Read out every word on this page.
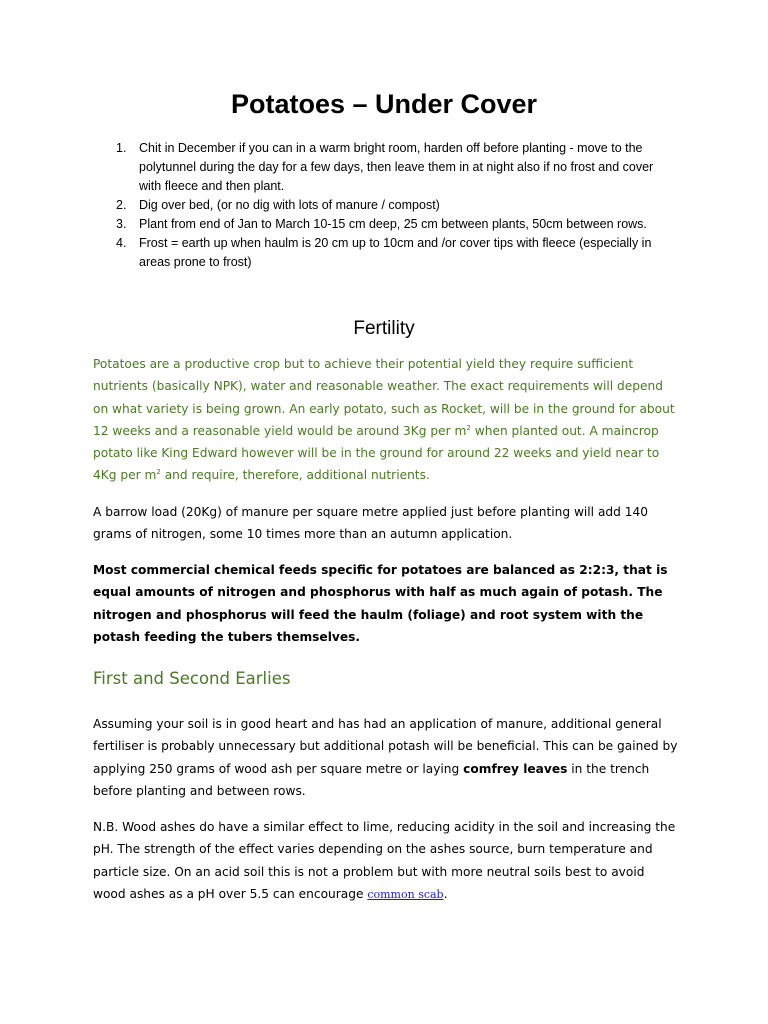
Potatoes – Under Cover
1. Chit in December if you can in a warm bright room, harden off before planting - move to the polytunnel during the day for a few days, then leave them in at night also if no frost and cover with fleece and then plant.
2. Dig over bed, (or no dig with lots of manure / compost)
3. Plant from end of Jan to March 10-15 cm deep, 25 cm between plants, 50cm between rows.
4. Frost = earth up when haulm is 20 cm up to 10cm and /or cover tips with fleece (especially in areas prone to frost)
Fertility

Potatoes are a productive crop but to achieve their potential yield they require sufficient nutrients (basically NPK), water and reasonable weather. The exact requirements will depend on what variety is being grown. An early potato, such as Rocket, will be in the ground for about 12 weeks and a reasonable yield would be around 3Kg per $m^2$ when planted out. A maincrop potato like King Edward however will be in the ground for around 22 weeks and yield near to 4Kg per $m^2$ and require, therefore, additional nutrients.

A barrow load (20Kg) of manure per square metre applied just before planting will add 140 grams of nitrogen, some 10 times more than an autumn application.

Most commercial chemical feeds specific for potatoes are balanced as 2:2:3, that is equal amounts of nitrogen and phosphorus with half as much again of potash. The nitrogen and phosphorus will feed the haulm (foliage) and root system with the potash feeding the tubers themselves.

First and Second Earlies

Assuming your soil is in good heart and has had an application of manure, additional general fertiliser is probably unnecessary but additional potash will be beneficial. This can be gained by applying 250 grams of wood ash per square metre or laying comfrey leaves in the trench before planting and between rows.

N.B. Wood ashes do have a similar effect to lime, reducing acidity in the soil and increasing the pH. The strength of the effect varies depending on the ashes source, burn temperature and particle size. On an acid soil this is not a problem but with more neutral soils best to avoid wood ashes as a pH over 5.5 can encourage common scab.
